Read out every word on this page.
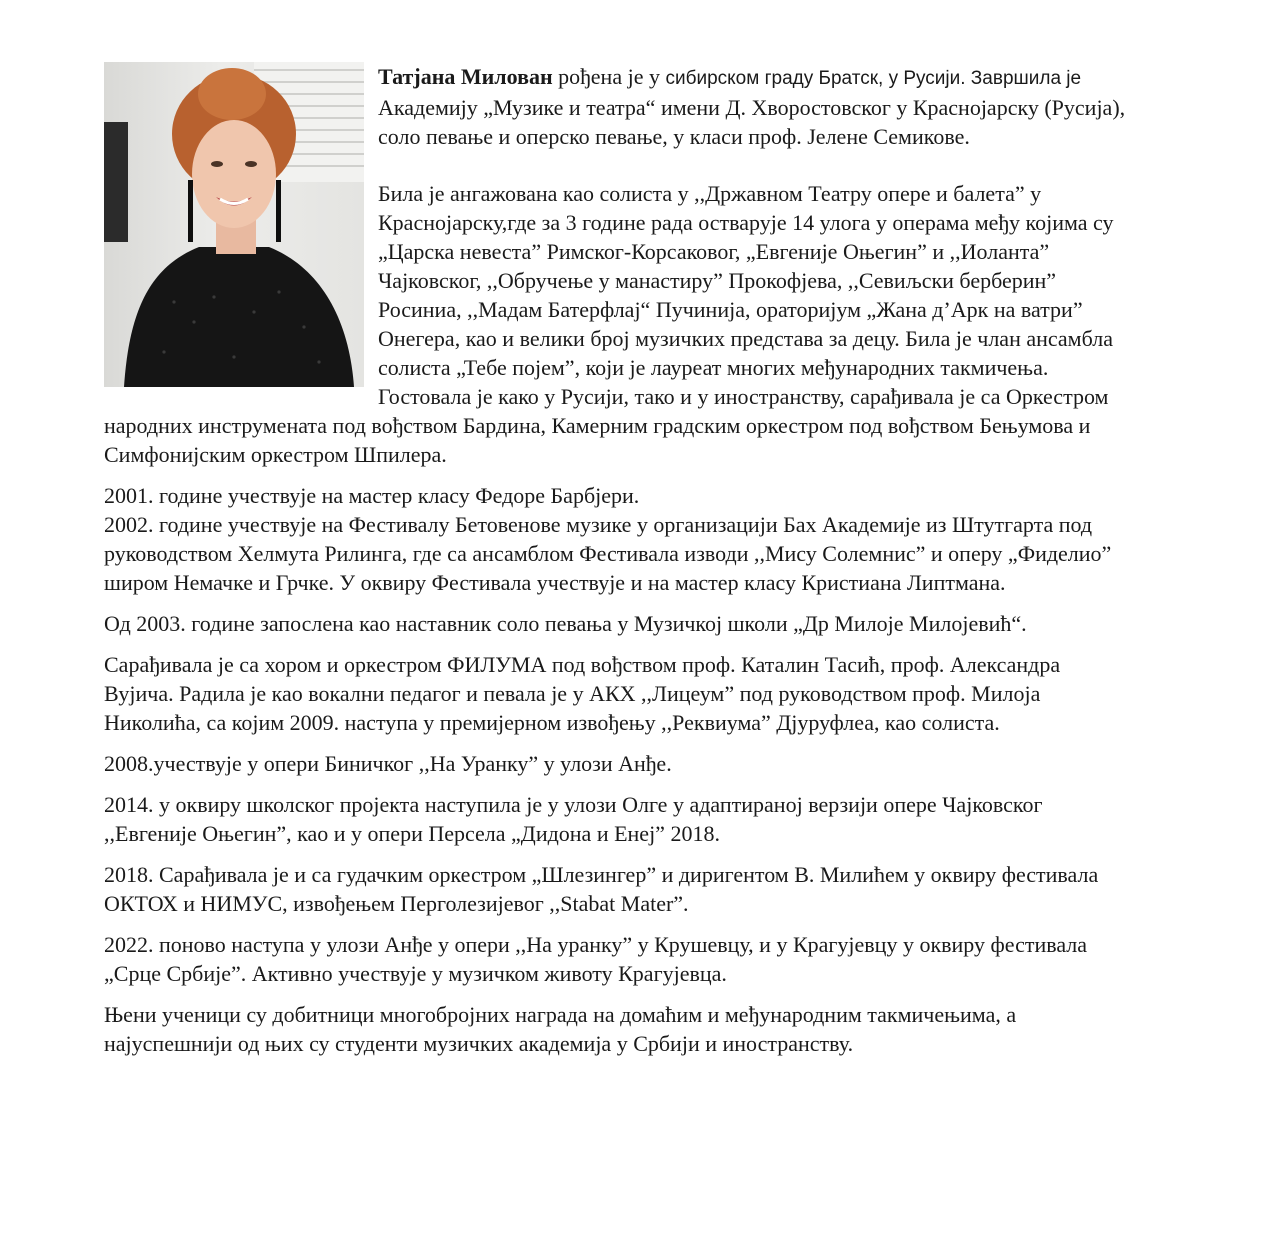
Татјана Милован рођена је у сибирском граду Братск, у Русији. Завршила је Академију „Музике и театра“ имени Д. Хворостовског у Краснојарску (Русија), соло певање и оперско певање, у класи проф. Јелене Семикове.

Била је ангажована као солиста у ,,Државном Театру опере и балета” у Краснојарску,где за 3 године рада остварује 14 улога у операма међу којима су „Царска невеста” Римског-Корсаковог, „Евгеније Оњегин” и ,,Иоланта” Чајковског, ,,Обручење у манастиру” Прокофјева, ,,Севиљски берберин” Росиниа, ,,Мадам Батерфлај“ Пучинија, ораторијум „Жана д’Арк на ватри” Онегера, као и велики број музичких представа за децу. Била је члан ансамбла солиста „Тебе појем”, који је лауреат многих међународних такмичења. Гостовала је како у Русији, тако и у иностранству, сарађивала је са Оркестром народних инструмената под вођством Бардина, Камерним градским оркестром под вођством Бењумова и Симфонијским оркестром Шпилера.

2001. године учествује на мастер класу Федоре Барбјери.

2002. године учествује на Фестивалу Бетовенове музике у организацији Бах Академије из Штутгарта под руководством Хелмута Рилинга, где са ансамблом Фестивала изводи ,,Мису Солемнис” и оперу „Фиделио” широм Немачке и Грчке. У оквиру Фестивала учествује и на мастер класу Кристиана Липтмана.

Од 2003. године запослена као наставник соло певања у Музичкој школи „Др Милоје Милојевић“.

Сарађивала је са хором и оркестром ФИЛУМА под вођством проф. Каталин Тасић, проф. Александра Вујича. Радила је као вокални педагог и певала је у АКХ ,,Лицеум” под руководством проф. Милоја Николића, са којим 2009. наступа у премијерном извођењу ,,Реквиума” Дјуруфлеа, као солиста.

2008.учествује у опери Биничког ,,На Уранку” у улози Анђе.

2014. у оквиру школског пројекта наступила је у улози Олге у адаптираној верзији опере Чајковског ,,Евгеније Оњегин”, као и у опери Персела „Дидона и Енеј” 2018.

2018. Сарађивала је и са гудачким оркестром „Шлезингер” и диригентом В. Милићем у оквиру фестивала ОКТОХ и НИМУС, извођењем Перголезијевог ,,Stabat Mater”.

2022. поново наступа у улози Анђе у опери ,,На уранку” у Крушевцу, и у Крагујевцу у оквиру фестивала „Срце Србије”. Активно учествује у музичком животу Крагујевца.

Њени ученици су добитници многобројних награда на домаћим и међународним такмичењима, а најуспешнији од њих су студенти музичких академија у Србији и иностранству.
